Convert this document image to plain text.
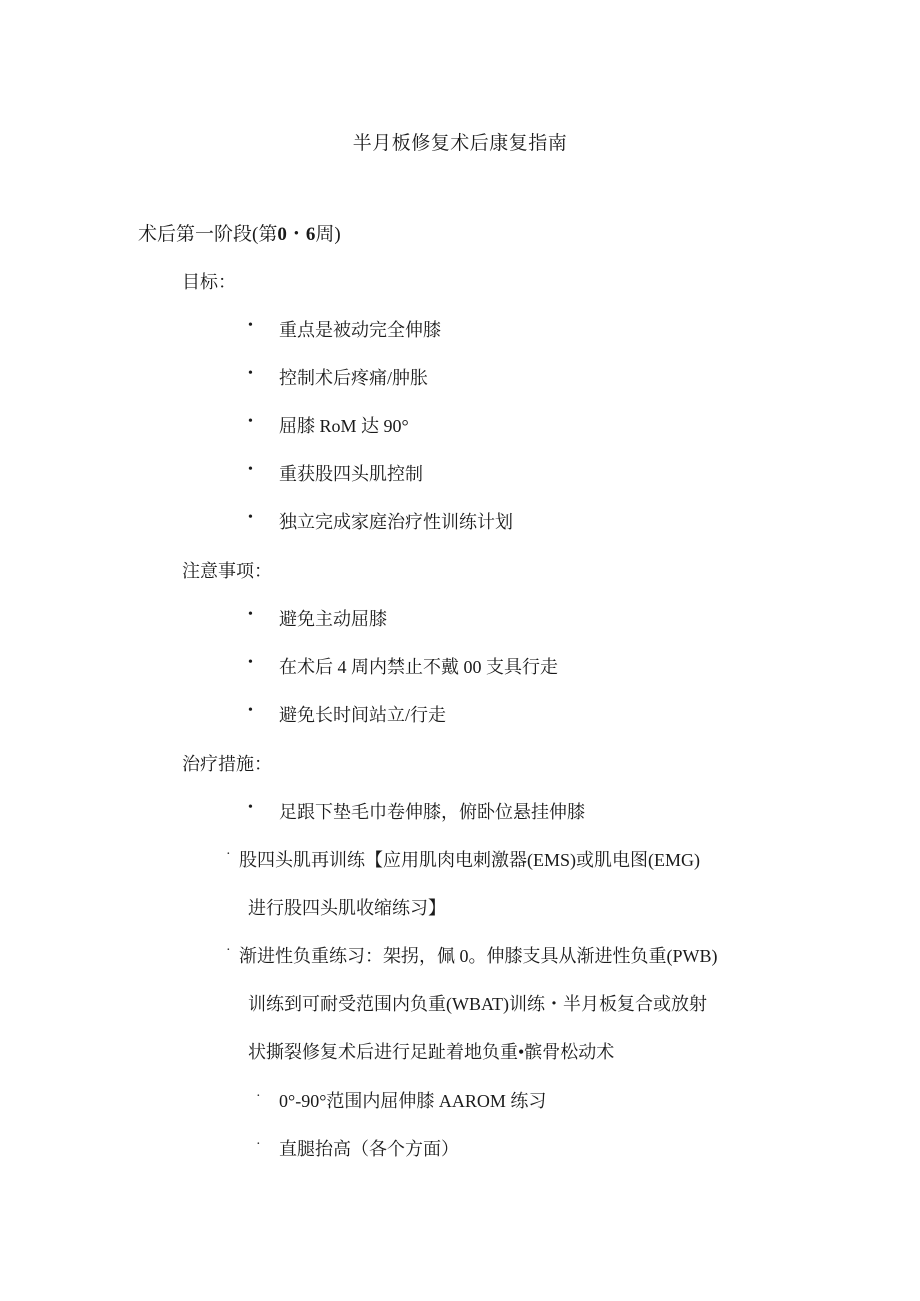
半月板修复术后康复指南
术后第一阶段(第0・6周)
目标：
• 重点是被动完全伸膝
• 控制术后疼痛/肿胀
• 屈膝 RoM 达 90°
• 重获股四头肌控制
• 独立完成家庭治疗性训练计划
注意事项：
• 避免主动屈膝
• 在术后 4 周内禁止不戴 00 支具行走
• 避免长时间站立/行走
治疗措施：
• 足跟下垫毛巾卷伸膝，俯卧位悬挂伸膝
· 股四头肌再训练【应用肌肉电刺激器(EMS)或肌电图(EMG)
进行股四头肌收缩练习】
· 渐进性负重练习：架拐，佩 0。伸膝支具从渐进性负重(PWB)
训练到可耐受范围内负重(WBAT)训练・半月板复合或放射
状撕裂修复术后进行足趾着地负重•髌骨松动术
· 0°-90°范围内屈伸膝 AAROM 练习
· 直腿抬高（各个方面）
